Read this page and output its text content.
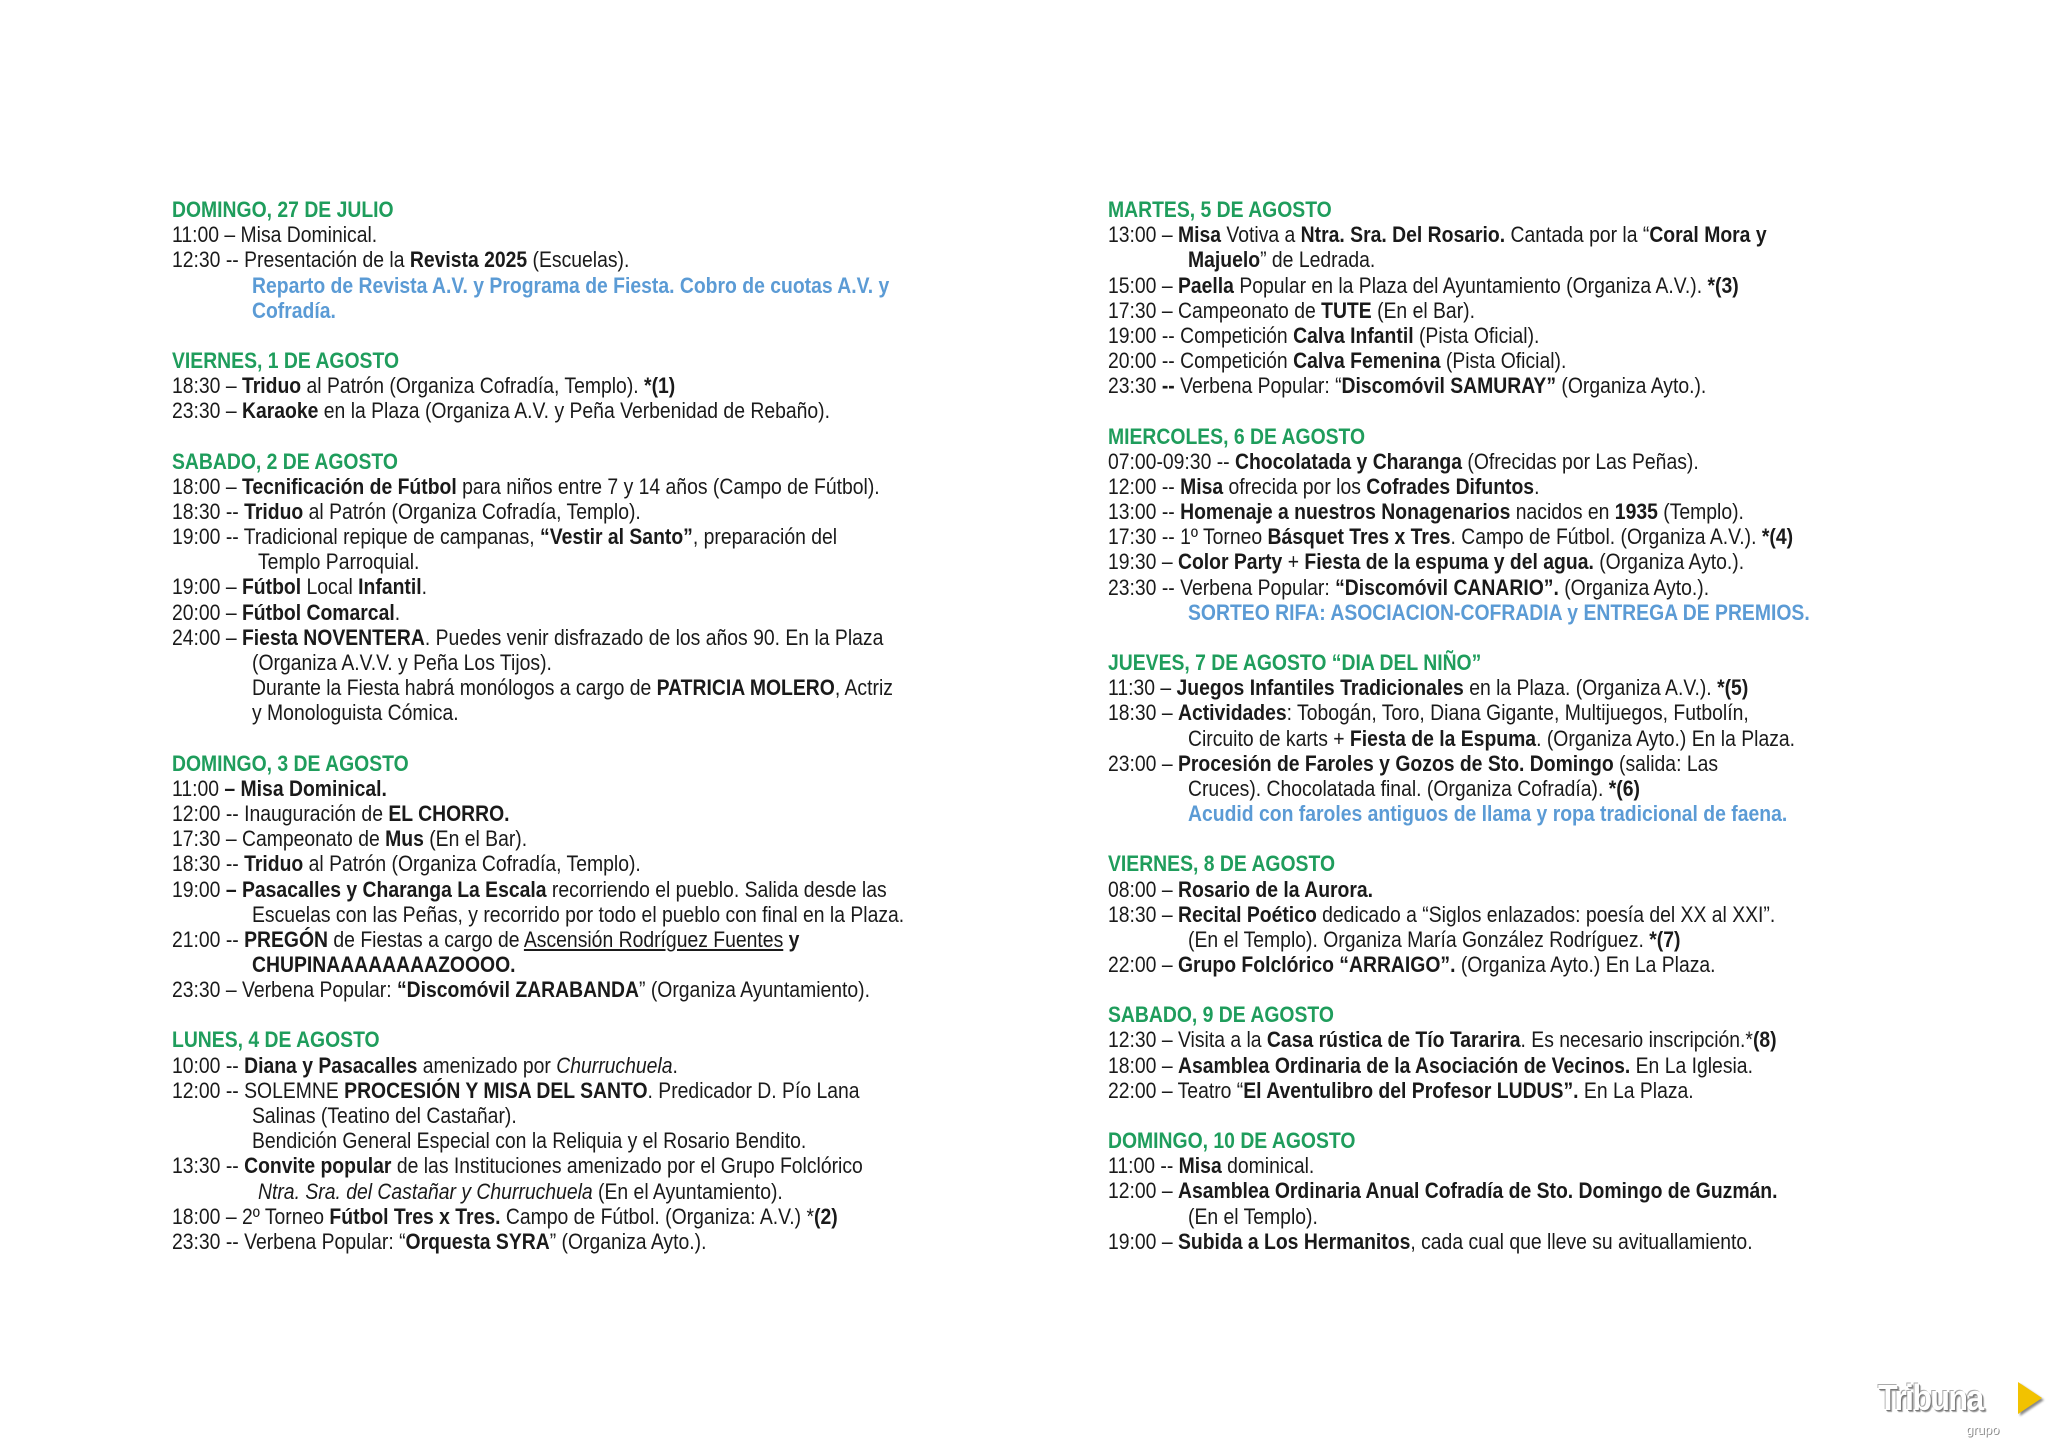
DOMINGO, 27 DE JULIO
11:00 – Misa Dominical.
12:30 -- Presentación de la Revista 2025 (Escuelas).
Reparto de Revista A.V. y Programa de Fiesta. Cobro de cuotas A.V. y
Cofradía.
VIERNES, 1 DE AGOSTO
18:30 – Triduo al Patrón (Organiza Cofradía, Templo). *(1)
23:30 – Karaoke en la Plaza (Organiza A.V. y Peña Verbenidad de Rebaño).
SABADO, 2 DE AGOSTO
18:00 – Tecnificación de Fútbol para niños entre 7 y 14 años (Campo de Fútbol).
18:30 -- Triduo al Patrón (Organiza Cofradía, Templo).
19:00 -- Tradicional repique de campanas, “Vestir al Santo”, preparación del
Templo Parroquial.
19:00 – Fútbol Local Infantil.
20:00 – Fútbol Comarcal.
24:00 – Fiesta NOVENTERA. Puedes venir disfrazado de los años 90. En la Plaza
(Organiza A.V.V. y Peña Los Tijos).
Durante la Fiesta habrá monólogos a cargo de PATRICIA MOLERO, Actriz
y Monologuista Cómica.
DOMINGO, 3 DE AGOSTO
11:00 – Misa Dominical.
12:00 -- Inauguración de EL CHORRO.
17:30 – Campeonato de Mus (En el Bar).
18:30 -- Triduo al Patrón (Organiza Cofradía, Templo).
19:00 – Pasacalles y Charanga La Escala recorriendo el pueblo. Salida desde las
Escuelas con las Peñas, y recorrido por todo el pueblo con final en la Plaza.
21:00 -- PREGÓN de Fiestas a cargo de Ascensión Rodríguez Fuentes y
CHUPINAAAAAAAAZOOOO.
23:30 – Verbena Popular: “Discomóvil ZARABANDA” (Organiza Ayuntamiento).
LUNES, 4 DE AGOSTO
10:00 -- Diana y Pasacalles amenizado por Churruchuela.
12:00 -- SOLEMNE PROCESIÓN Y MISA DEL SANTO. Predicador D. Pío Lana
Salinas (Teatino del Castañar).
Bendición General Especial con la Reliquia y el Rosario Bendito.
13:30 -- Convite popular de las Instituciones amenizado por el Grupo Folclórico
Ntra. Sra. del Castañar y Churruchuela (En el Ayuntamiento).
18:00 – 2º Torneo Fútbol Tres x Tres. Campo de Fútbol. (Organiza: A.V.) *(2)
23:30 -- Verbena Popular: “Orquesta SYRA” (Organiza Ayto.).
MARTES, 5 DE AGOSTO
13:00 – Misa Votiva a Ntra. Sra. Del Rosario. Cantada por la “Coral Mora y
Majuelo” de Ledrada.
15:00 – Paella Popular en la Plaza del Ayuntamiento (Organiza A.V.). *(3)
17:30 – Campeonato de TUTE (En el Bar).
19:00 -- Competición Calva Infantil (Pista Oficial).
20:00 -- Competición Calva Femenina (Pista Oficial).
23:30 -- Verbena Popular: “Discomóvil SAMURAY” (Organiza Ayto.).
MIERCOLES, 6 DE AGOSTO
07:00-09:30 -- Chocolatada y Charanga (Ofrecidas por Las Peñas).
12:00 -- Misa ofrecida por los Cofrades Difuntos.
13:00 -- Homenaje a nuestros Nonagenarios nacidos en 1935 (Templo).
17:30 -- 1º Torneo Básquet Tres x Tres. Campo de Fútbol. (Organiza A.V.). *(4)
19:30 – Color Party + Fiesta de la espuma y del agua. (Organiza Ayto.).
23:30 -- Verbena Popular: “Discomóvil CANARIO”. (Organiza Ayto.).
SORTEO RIFA: ASOCIACION-COFRADIA y ENTREGA DE PREMIOS.
JUEVES, 7 DE AGOSTO “DIA DEL NIÑO”
11:30 – Juegos Infantiles Tradicionales en la Plaza. (Organiza A.V.). *(5)
18:30 – Actividades: Tobogán, Toro, Diana Gigante, Multijuegos, Futbolín,
Circuito de karts + Fiesta de la Espuma. (Organiza Ayto.) En la Plaza.
23:00 – Procesión de Faroles y Gozos de Sto. Domingo (salida: Las
Cruces). Chocolatada final. (Organiza Cofradía). *(6)
Acudid con faroles antiguos de llama y ropa tradicional de faena.
VIERNES, 8 DE AGOSTO
08:00 – Rosario de la Aurora.
18:30 – Recital Poético dedicado a “Siglos enlazados: poesía del XX al XXI”.
(En el Templo). Organiza María González Rodríguez. *(7)
22:00 – Grupo Folclórico “ARRAIGO”. (Organiza Ayto.) En La Plaza.
SABADO, 9 DE AGOSTO
12:30 – Visita a la Casa rústica de Tío Tararira. Es necesario inscripción.*(8)
18:00 – Asamblea Ordinaria de la Asociación de Vecinos. En La Iglesia.
22:00 – Teatro “El Aventulibro del Profesor LUDUS”. En La Plaza.
DOMINGO, 10 DE AGOSTO
11:00 -- Misa dominical.
12:00 – Asamblea Ordinaria Anual Cofradía de Sto. Domingo de Guzmán.
(En el Templo).
19:00 – Subida a Los Hermanitos, cada cual que lleve su avituallamiento.
Tribuna
grupo
